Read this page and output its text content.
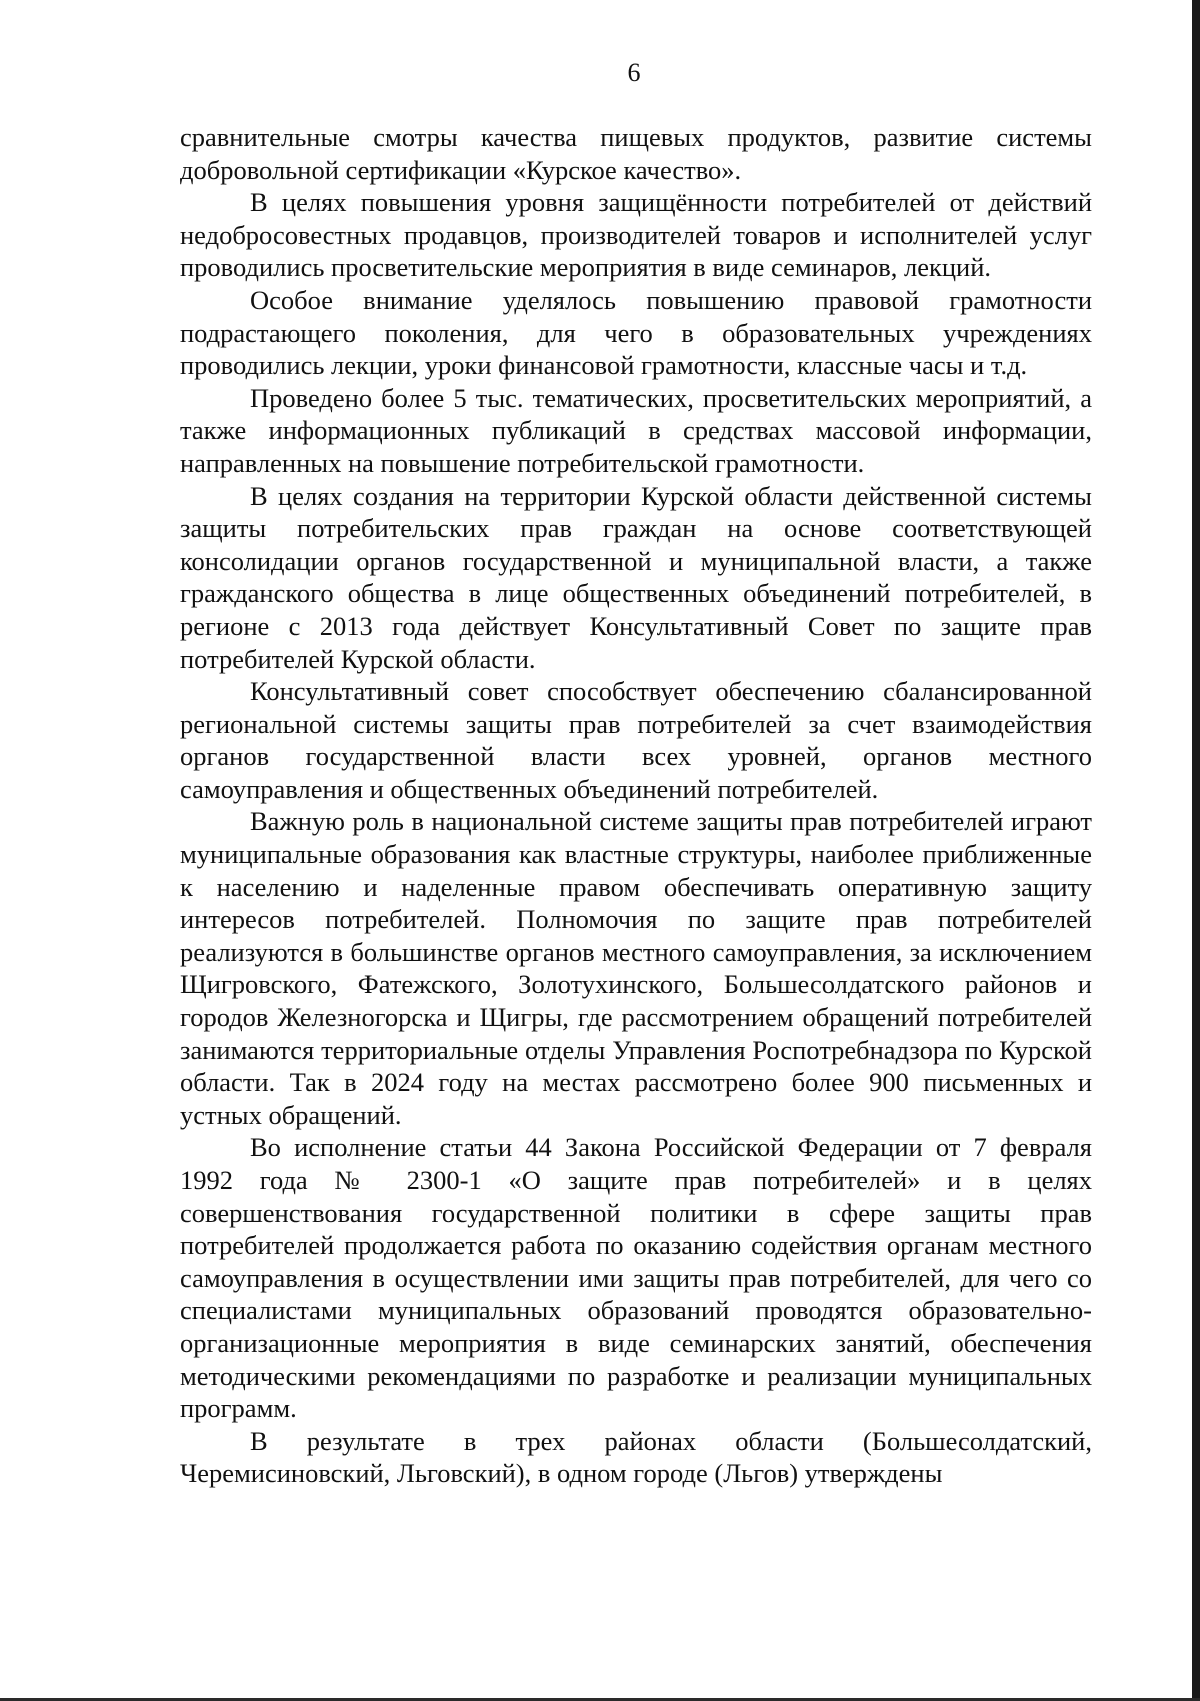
6

сравнительные смотры качества пищевых продуктов, развитие системы добровольной сертификации «Курское качество».

В целях повышения уровня защищённости потребителей от действий недобросовестных продавцов, производителей товаров и исполнителей услуг проводились просветительские мероприятия в виде семинаров, лекций.

Особое внимание уделялось повышению правовой грамотности подрастающего поколения, для чего в образовательных учреждениях проводились лекции, уроки финансовой грамотности, классные часы и т.д.

Проведено более 5 тыс. тематических, просветительских мероприятий, а также информационных публикаций в средствах массовой информации, направленных на повышение потребительской грамотности.

В целях создания на территории Курской области действенной системы защиты потребительских прав граждан на основе соответствующей консолидации органов государственной и муниципальной власти, а также гражданского общества в лице общественных объединений потребителей, в регионе с 2013 года действует Консультативный Совет по защите прав потребителей Курской области.

Консультативный совет способствует обеспечению сбалансированной региональной системы защиты прав потребителей за счет взаимодействия органов государственной власти всех уровней, органов местного самоуправления и общественных объединений потребителей.

Важную роль в национальной системе защиты прав потребителей играют муниципальные образования как властные структуры, наиболее приближенные к населению и наделенные правом обеспечивать оперативную защиту интересов потребителей. Полномочия по защите прав потребителей реализуются в большинстве органов местного самоуправления, за исключением Щигровского, Фатежского, Золотухинского, Большесолдатского районов и городов Железногорска и Щигры, где рассмотрением обращений потребителей занимаются территориальные отделы Управления Роспотребнадзора по Курской области. Так в 2024 году на местах рассмотрено более 900 письменных и устных обращений.

Во исполнение статьи 44 Закона Российской Федерации от 7 февраля 1992 года № 2300-1 «О защите прав потребителей» и в целях совершенствования государственной политики в сфере защиты прав потребителей продолжается работа по оказанию содействия органам местного самоуправления в осуществлении ими защиты прав потребителей, для чего со специалистами муниципальных образований проводятся образовательно-организационные мероприятия в виде семинарских занятий, обеспечения методическими рекомендациями по разработке и реализации муниципальных программ.

В результате в трех районах области (Большесолдатский, Черемисиновский, Льговский), в одном городе (Льгов) утверждены
